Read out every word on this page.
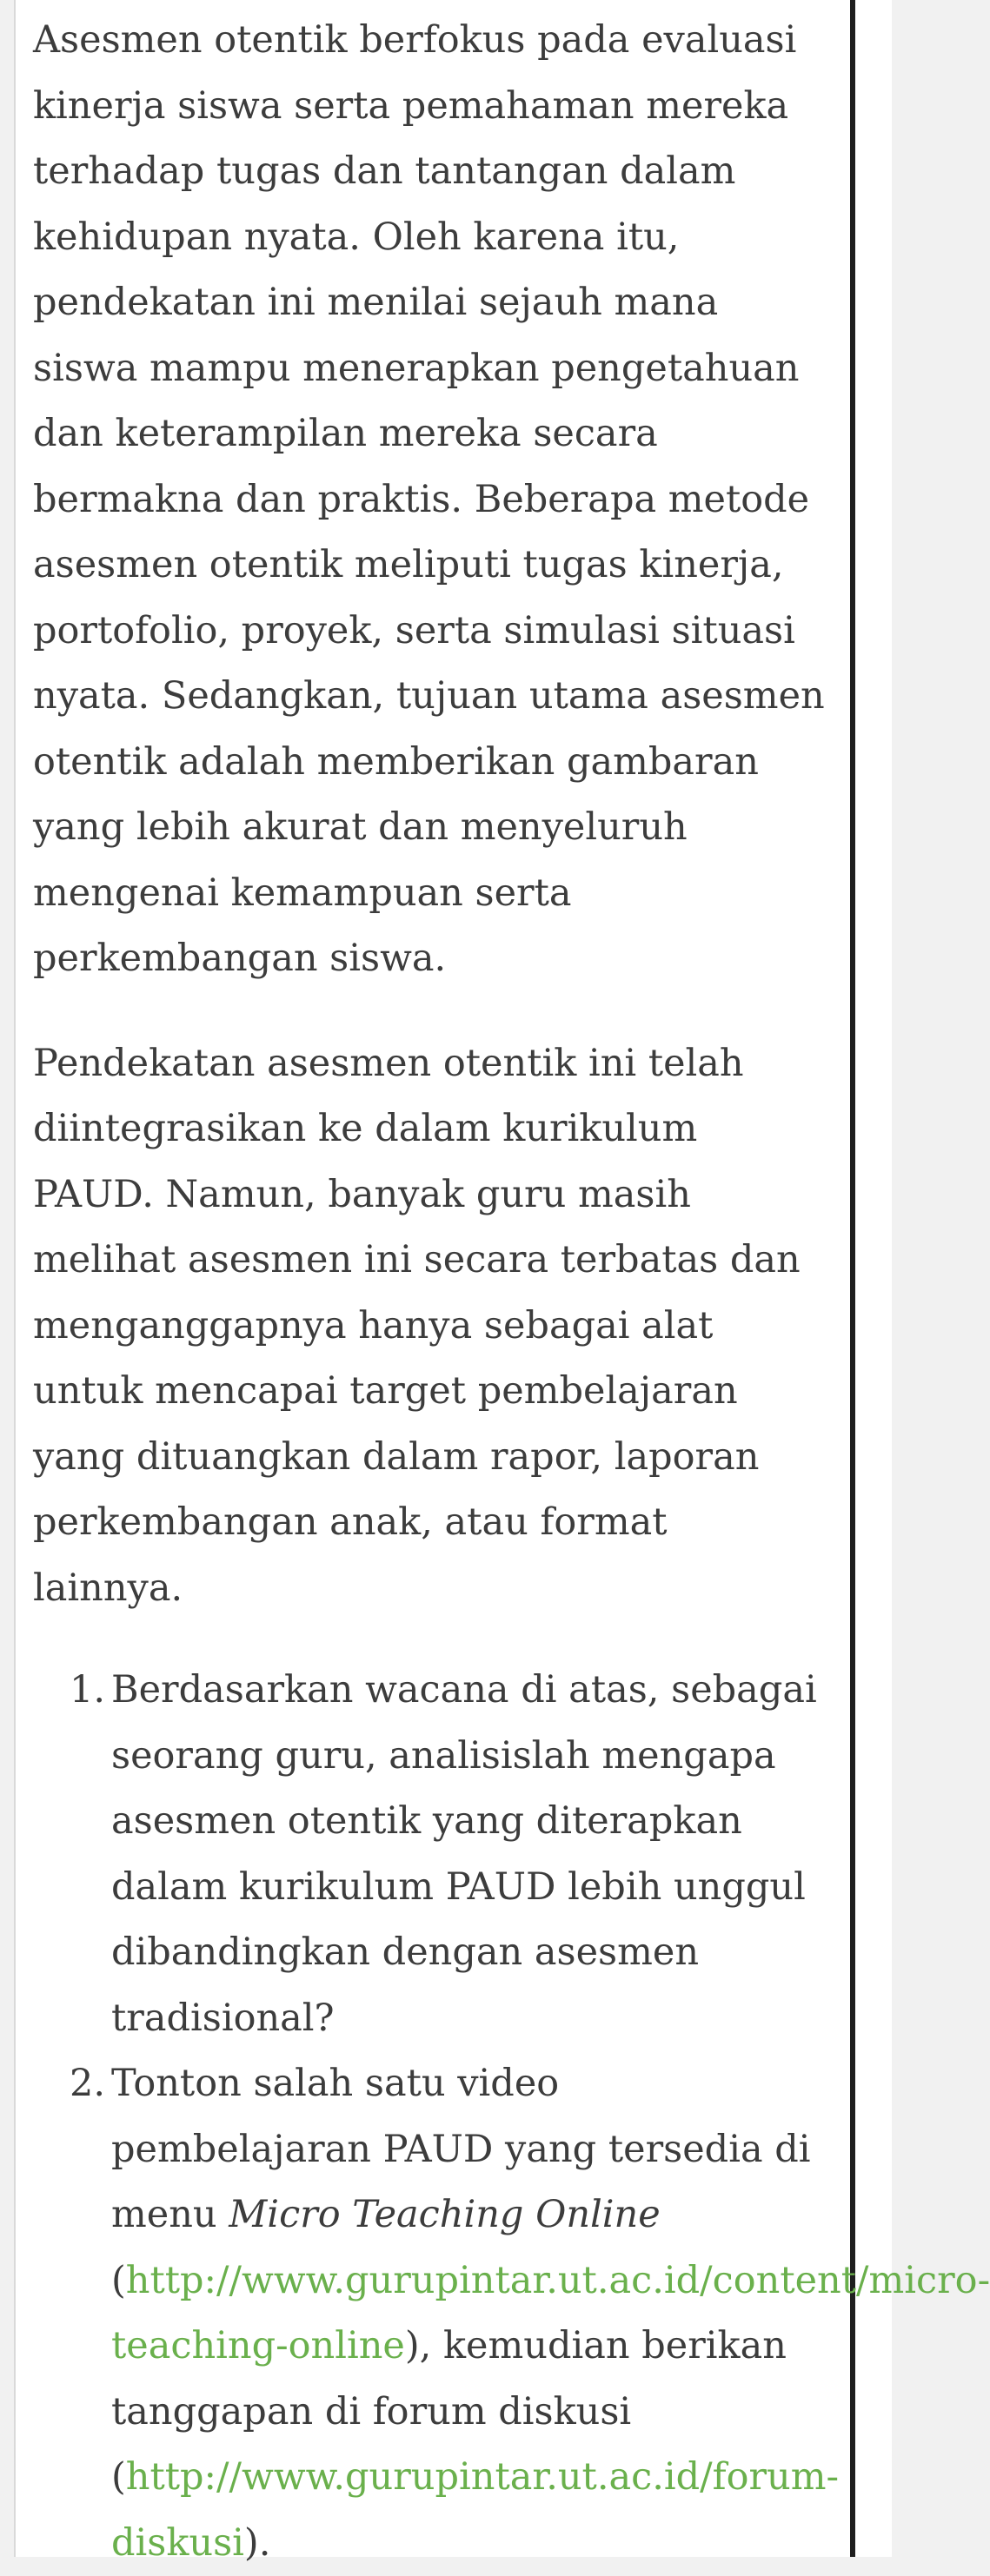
Asesmen otentik berfokus pada evaluasi
kinerja siswa serta pemahaman mereka
terhadap tugas dan tantangan dalam
kehidupan nyata. Oleh karena itu,
pendekatan ini menilai sejauh mana
siswa mampu menerapkan pengetahuan
dan keterampilan mereka secara
bermakna dan praktis. Beberapa metode
asesmen otentik meliputi tugas kinerja,
portofolio, proyek, serta simulasi situasi
nyata. Sedangkan, tujuan utama asesmen
otentik adalah memberikan gambaran
yang lebih akurat dan menyeluruh
mengenai kemampuan serta
perkembangan siswa.

Pendekatan asesmen otentik ini telah
diintegrasikan ke dalam kurikulum
PAUD. Namun, banyak guru masih
melihat asesmen ini secara terbatas dan
menganggapnya hanya sebagai alat
untuk mencapai target pembelajaran
yang dituangkan dalam rapor, laporan
perkembangan anak, atau format
lainnya.

1. Berdasarkan wacana di atas, sebagai
seorang guru, analisislah mengapa
asesmen otentik yang diterapkan
dalam kurikulum PAUD lebih unggul
dibandingkan dengan asesmen
tradisional?
2. Tonton salah satu video
pembelajaran PAUD yang tersedia di
menu Micro Teaching Online
(http://www.gurupintar.ut.ac.id/content/micro-
teaching-online), kemudian berikan
tanggapan di forum diskusi
(http://www.gurupintar.ut.ac.id/forum-
diskusi).
